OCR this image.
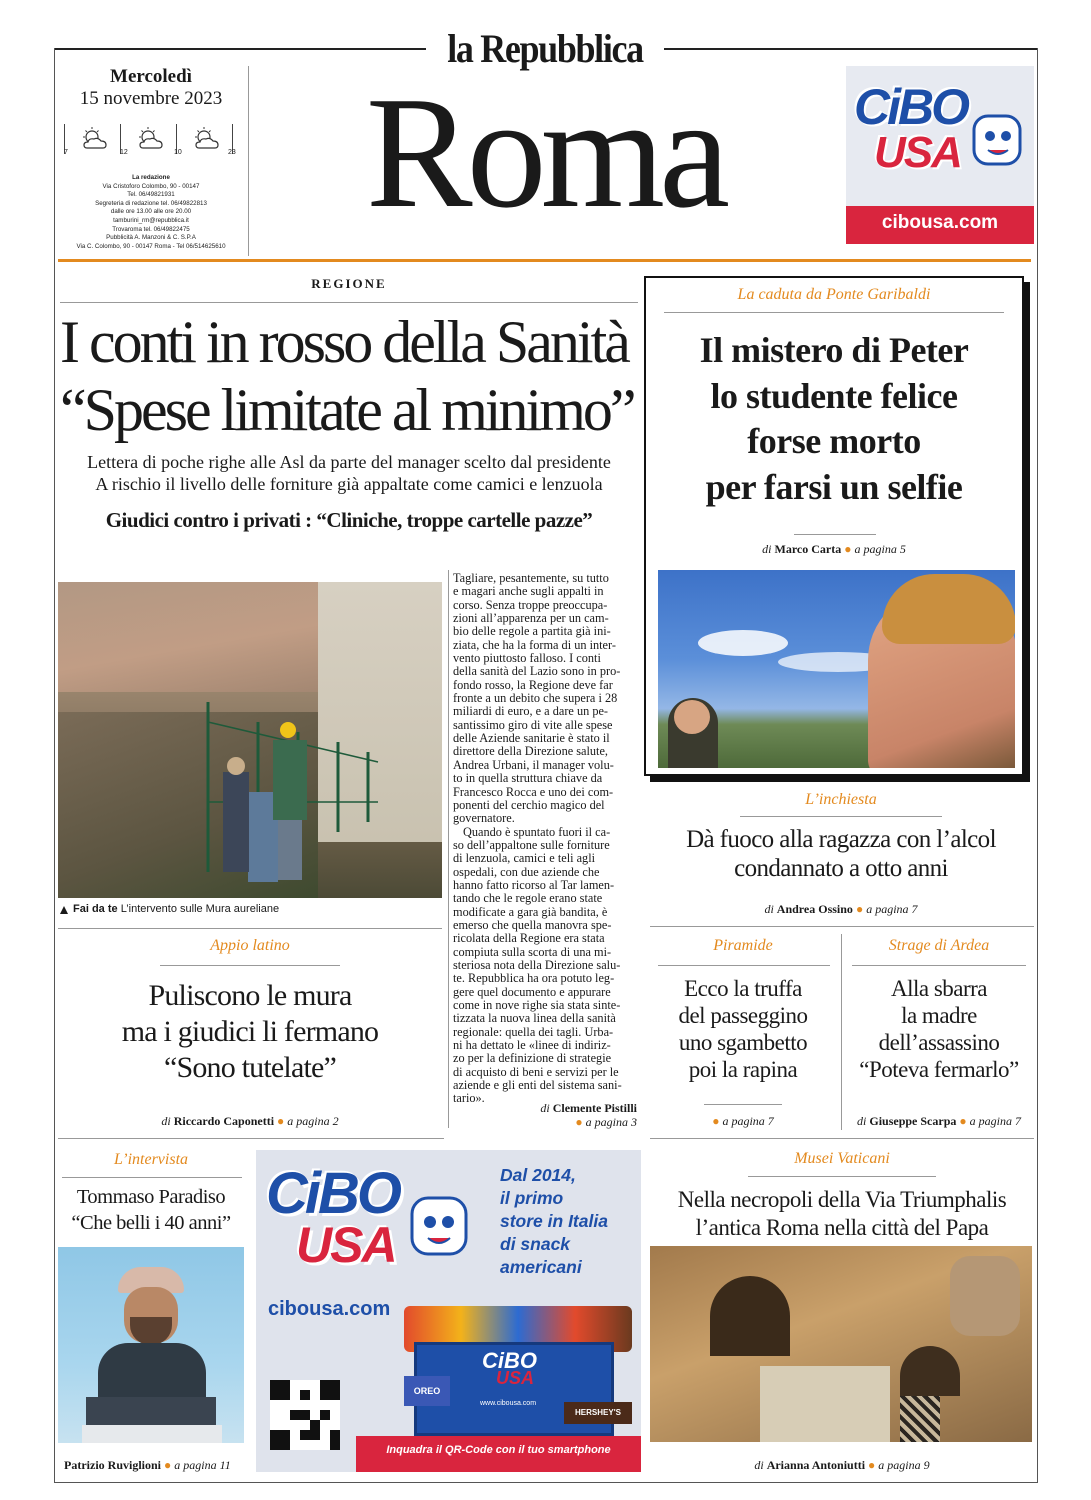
la Repubblica
Roma
Mercoledì
15 novembre 2023
7	12	10	23
La redazione
Via Cristoforo Colombo, 90 - 00147
Tel. 06/49821931
Segreteria di redazione tel. 06/49822813
dalle ore 13.00 alle ore 20.00
tamburini_rm@repubblica.it
Trovaroma tel. 06/49822475
Pubblicità A. Manzoni & C. S.P.A
Via C. Colombo, 90 - 00147 Roma - Tel 06/514625610
CiBO
USA
cibousa.com
REGIONE
I conti in rosso della Sanità
“Spese limitate al minimo”
Lettera di poche righe alle Asl da parte del manager scelto dal presidente
A rischio il livello delle forniture già appaltate come camici e lenzuola
Giudici contro i privati : “Cliniche, troppe cartelle pazze”
Fai da te L’intervento sulle Mura aureliane
Tagliare, pesantemente, su tutto
e magari anche sugli appalti in
corso. Senza troppe preoccupa-
zioni all’apparenza per un cam-
bio delle regole a partita già ini-
ziata, che ha la forma di un inter-
vento piuttosto falloso. I conti
della sanità del Lazio sono in pro-
fondo rosso, la Regione deve far
fronte a un debito che supera i 28
miliardi di euro, e a dare un pe-
santissimo giro di vite alle spese
delle Aziende sanitarie è stato il
direttore della Direzione salute,
Andrea Urbani, il manager volu-
to in quella struttura chiave da
Francesco Rocca e uno dei com-
ponenti del cerchio magico del
governatore.
Quando è spuntato fuori il ca-
so dell’appaltone sulle forniture
di lenzuola, camici e teli agli
ospedali, con due aziende che
hanno fatto ricorso al Tar lamen-
tando che le regole erano state
modificate a gara già bandita, è
emerso che quella manovra spe-
ricolata della Regione era stata
compiuta sulla scorta di una mi-
steriosa nota della Direzione salu-
te. Repubblica ha ora potuto leg-
gere quel documento e appurare
come in nove righe sia stata sinte-
tizzata la nuova linea della sanità
regionale: quella dei tagli. Urba-
ni ha dettato le «linee di indiriz-
zo per la definizione di strategie
di acquisto di beni e servizi per le
aziende e gli enti del sistema sani-
tario».
di Clemente Pistilli
● a pagina 3
Appio latino
Puliscono le mura
ma i giudici li fermano
“Sono tutelate”
di Riccardo Caponetti ● a pagina 2
La caduta da Ponte Garibaldi
Il mistero di Peter
lo studente felice
forse morto
per farsi un selfie
di Marco Carta ● a pagina 5
L’inchiesta
Dà fuoco alla ragazza con l’alcol
condannato a otto anni
di Andrea Ossino ● a pagina 7
Piramide
Ecco la truffa
del passeggino
uno sgambetto
poi la rapina
● a pagina 7
Strage di Ardea
Alla sbarra
la madre
dell’assassino
“Poteva fermarlo”
di Giuseppe Scarpa ● a pagina 7
L’intervista
Tommaso Paradiso
“Che belli i 40 anni”
Patrizio Ruviglioni ● a pagina 11
CiBO
USA
Dal 2014,
il primo
store in Italia
di snack
americani
cibousa.com
CiBO
USA
www.cibousa.com
OREO
HERSHEY'S
Inquadra il QR-Code con il tuo smartphone
Musei Vaticani
Nella necropoli della Via Triumphalis
l’antica Roma nella città del Papa
di Arianna Antoniutti ● a pagina 9
